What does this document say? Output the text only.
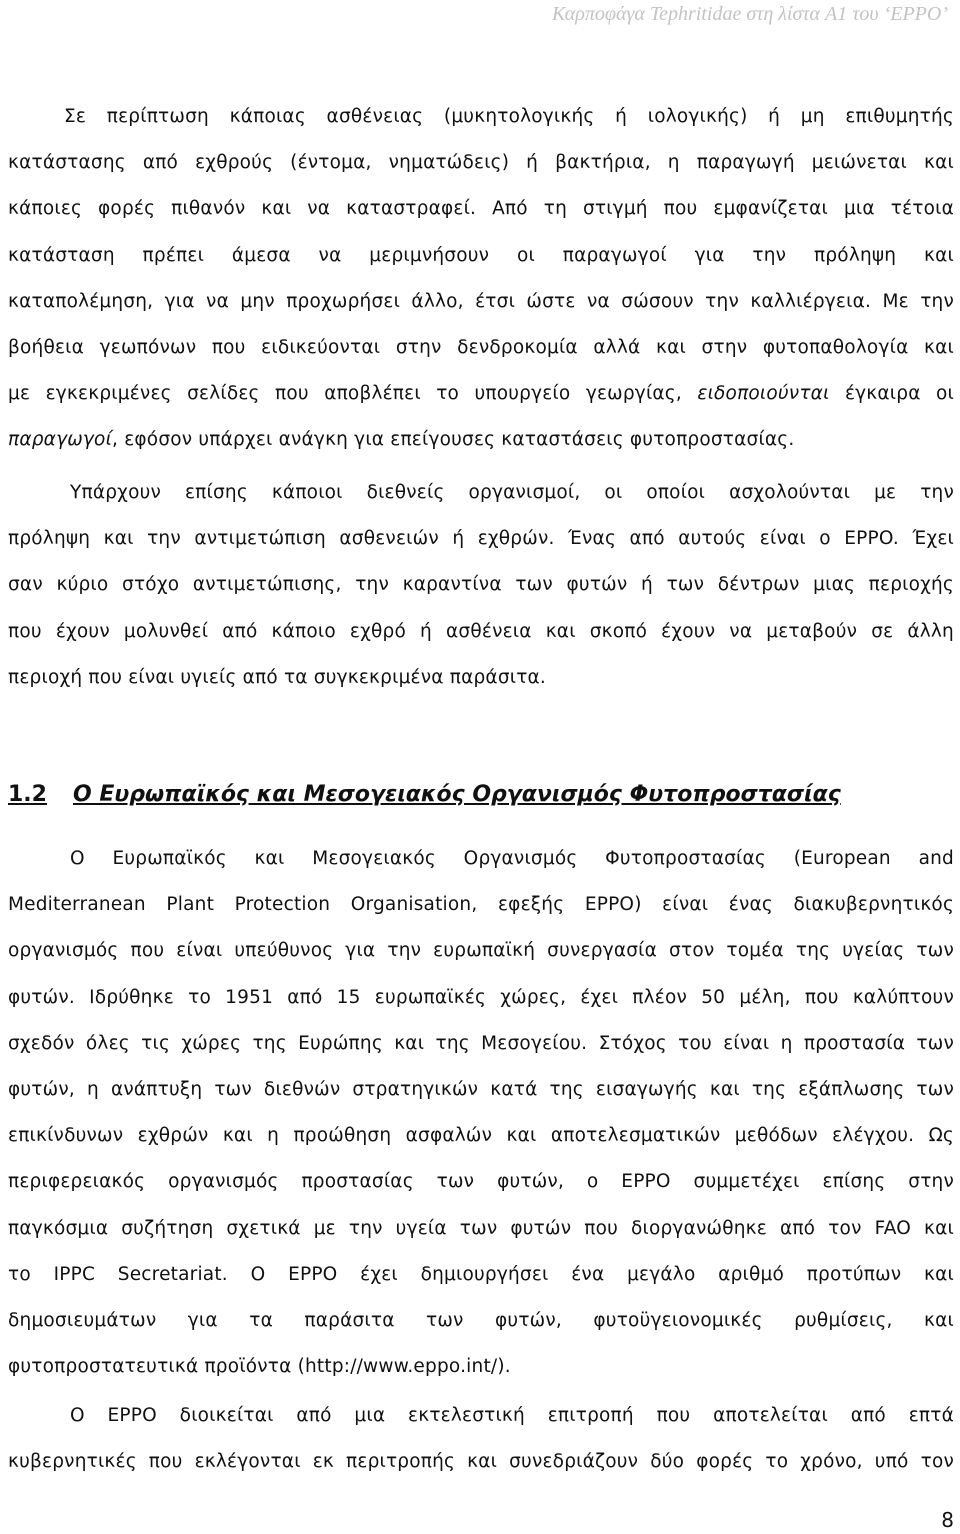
Καρποφάγα Tephritidae στη λίστα A1 του ‘EPPO’
Σε περίπτωση κάποιας ασθένειας (μυκητολογικής ή ιολογικής) ή μη επιθυμητής
κατάστασης από εχθρούς (έντομα, νηματώδεις) ή βακτήρια, η παραγωγή μειώνεται και
κάποιες φορές πιθανόν και να καταστραφεί. Από τη στιγμή που εμφανίζεται μια τέτοια
κατάσταση πρέπει άμεσα να μεριμνήσουν οι παραγωγοί για την πρόληψη και
καταπολέμηση, για να μην προχωρήσει άλλο, έτσι ώστε να σώσουν την καλλιέργεια. Με την
βοήθεια γεωπόνων που ειδικεύονται στην δενδροκομία αλλά και στην φυτοπαθολογία και
με εγκεκριμένες σελίδες που αποβλέπει το υπουργείο γεωργίας, ειδοποιούνται έγκαιρα οι
παραγωγοί, εφόσον υπάρχει ανάγκη για επείγουσες καταστάσεις φυτοπροστασίας.
Υπάρχουν επίσης κάποιοι διεθνείς οργανισμοί, οι οποίοι ασχολούνται με την
πρόληψη και την αντιμετώπιση ασθενειών ή εχθρών. Ένας από αυτούς είναι ο EPPO. Έχει
σαν κύριο στόχο αντιμετώπισης, την καραντίνα των φυτών ή των δέντρων μιας περιοχής
που έχουν μολυνθεί από κάποιο εχθρό ή ασθένεια και σκοπό έχουν να μεταβούν σε άλλη
περιοχή που είναι υγιείς από τα συγκεκριμένα παράσιτα.
1.2 Ο Ευρωπαϊκός και Μεσογειακός Οργανισμός Φυτοπροστασίας
Ο Ευρωπαϊκός και Μεσογειακός Οργανισμός Φυτοπροστασίας (European and
Mediterranean Plant Protection Organisation, εφεξής EPPO) είναι ένας διακυβερνητικός
οργανισμός που είναι υπεύθυνος για την ευρωπαϊκή συνεργασία στον τομέα της υγείας των
φυτών. Ιδρύθηκε το 1951 από 15 ευρωπαϊκές χώρες, έχει πλέον 50 μέλη, που καλύπτουν
σχεδόν όλες τις χώρες της Ευρώπης και της Μεσογείου. Στόχος του είναι η προστασία των
φυτών, η ανάπτυξη των διεθνών στρατηγικών κατά της εισαγωγής και της εξάπλωσης των
επικίνδυνων εχθρών και η προώθηση ασφαλών και αποτελεσματικών μεθόδων ελέγχου. Ως
περιφερειακός οργανισμός προστασίας των φυτών, ο EPPO συμμετέχει επίσης στην
παγκόσμια συζήτηση σχετικά με την υγεία των φυτών που διοργανώθηκε από τον FAO και
το IPPC Secretariat. Ο EPPO έχει δημιουργήσει ένα μεγάλο αριθμό προτύπων και
δημοσιευμάτων για τα παράσιτα των φυτών, φυτοϋγειονομικές ρυθμίσεις, και
φυτοπροστατευτικά προϊόντα (http://www.eppo.int/).
Ο EPPO διοικείται από μια εκτελεστική επιτροπή που αποτελείται από επτά
κυβερνητικές που εκλέγονται εκ περιτροπής και συνεδριάζουν δύο φορές το χρόνο, υπό τον
8
